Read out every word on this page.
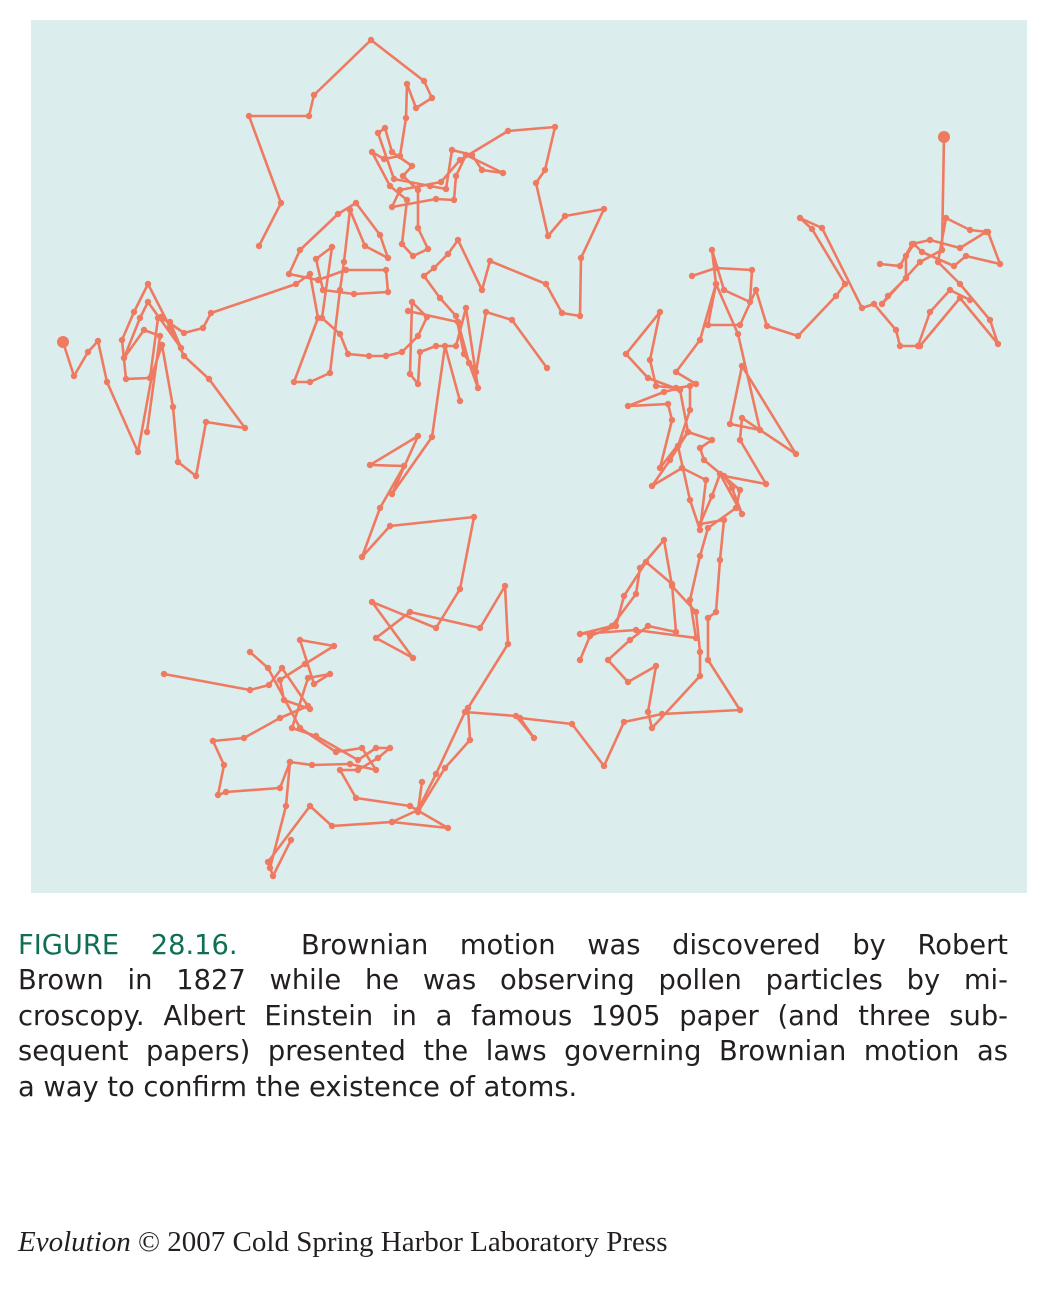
FIGURE 28.16. Brownian motion was discovered by Robert
Brown in 1827 while he was observing pollen particles by mi-
croscopy. Albert Einstein in a famous 1905 paper (and three sub-
sequent papers) presented the laws governing Brownian motion as
a way to confirm the existence of atoms.

Evolution © 2007 Cold Spring Harbor Laboratory Press
